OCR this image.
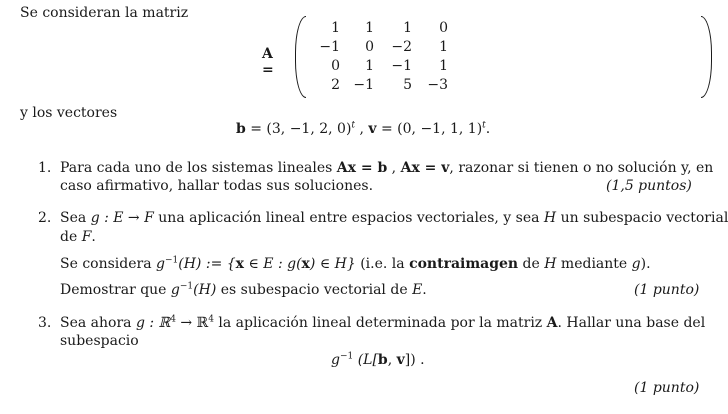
Se consideran la matriz
A =
1	1	1	0
−1	0	−2	1
0	1	−1	1
2 −1	5	−3
y los vectores
b = (3, −1, 2, 0)$^t$ , v = (0, −1, 1, 1)$^t$.
1. Para cada uno de los sistemas lineales Ax = b , Ax = v, razonar si tienen o no solución y, en
caso afirmativo, hallar todas sus soluciones.	(1,5 puntos)
2. Sea g : E → F una aplicación lineal entre espacios vectoriales, y sea H un subespacio vectorial
de F.
Se considera $g^{-1}(H)$ := {x ∈ E : g(x) ∈ H} (i.e. la contraimagen de H mediante g).
Demostrar que $g^{-1}(H)$ es subespacio vectorial de E.	(1 punto)
3. Sea ahora g : ℝ$^4$ → ℝ$^4$ la aplicación lineal determinada por la matriz A. Hallar una base del
subespacio
$g^{-1}$ (L[b, v]) .
(1 punto)
